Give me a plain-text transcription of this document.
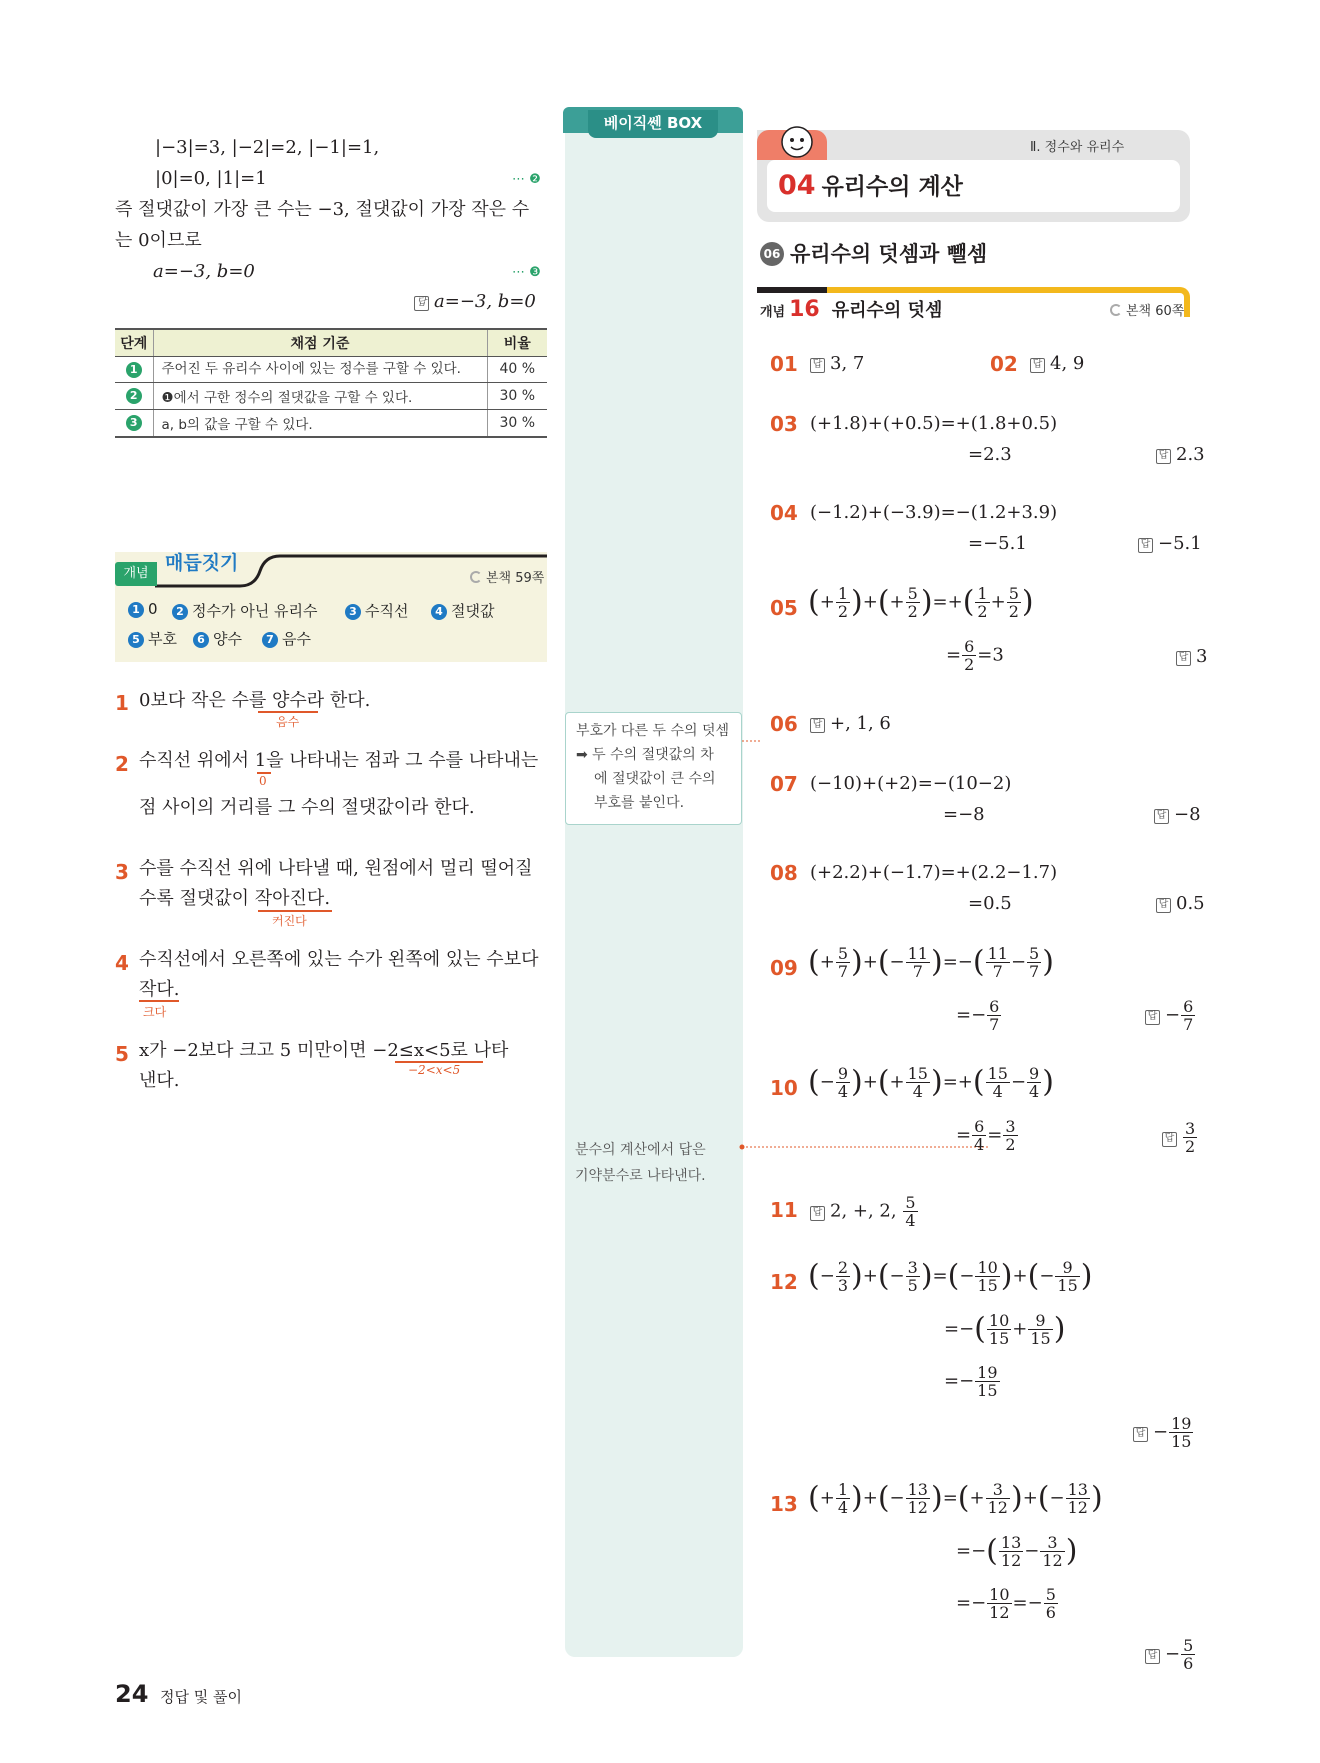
|−3|=3, |−2|=2, |−1|=1,
|0|=0, |1|=1	⋯ ❷
즉 절댓값이 가장 큰 수는 −3, 절댓값이 가장 작은 수
는 0이므로
a=−3, b=0	⋯ ❸
답 a=−3, b=0
단계	채점 기준	비율
1	주어진 두 유리수 사이에 있는 정수를 구할 수 있다.	40 %
2	❶에서 구한 정수의 절댓값을 구할 수 있다.	30 %
3	a, b의 값을 구할 수 있다.	30 %
개념 매듭짓기
본책 59쪽
1 0	2 정수가 아닌 유리수	3 수직선	4 절댓값
5 부호	6 양수	7 음수
1 0보다 작은 수를 양수라 한다.
음수
2 수직선 위에서 1을 나타내는 점과 그 수를 나타내는
0
점 사이의 거리를 그 수의 절댓값이라 한다.
3 수를 수직선 위에 나타낼 때, 원점에서 멀리 떨어질
수록 절댓값이 작아진다.
커진다
4 수직선에서 오른쪽에 있는 수가 왼쪽에 있는 수보다
작다.
크다
5 x가 −2보다 크고 5 미만이면 −2≤x<5로 나타
−2<x<5
낸다.
베이직쎈 BOX
부호가 다른 두 수의 덧셈
➡ 두 수의 절댓값의 차
에 절댓값이 큰 수의
부호를 붙인다.
분수의 계산에서 답은
기약분수로 나타낸다.
Ⅱ. 정수와 유리수
04 유리수의 계산
06 유리수의 덧셈과 뺄셈
개념 16 유리수의 덧셈	본책 60쪽
01 답 3, 7	02 답 4, 9
03 (+1.8)+(+0.5)=+(1.8+0.5)
=2.3	답 2.3
04 (−1.2)+(−3.9)=−(1.2+3.9)
=−5.1	답 −5.1
05 (+ $\frac{1}{2}$ )+(+ $\frac{5}{2}$ )=+( $\frac{1}{2} + \frac{5}{2}$ )
= $\frac{6}{2} =3$	답 3
06 답 +, 1, 6
07 (−10)+(+2)=−(10−2)
=−8	답 −8
08 (+2.2)+(−1.7)=+(2.2−1.7)
=0.5	답 0.5
09 (+ $\frac{5}{7}$ )+(− $\frac{11}{7}$ )=−( $\frac{11}{7} - \frac{5}{7}$ )
=− $\frac{6}{7}$	답 − $\frac{6}{7}$
10 (− $\frac{9}{4}$ )+(+ $\frac{15}{4}$ )=+( $\frac{15}{4} - \frac{9}{4}$ )
= $\frac{6}{4} = \frac{3}{2}$	답 $\frac{3}{2}$
11 답 2, +, 2, $\frac{5}{4}$
12 (− $\frac{2}{3}$ )+(− $\frac{3}{5}$ )=(− $\frac{10}{15}$ )+(− $\frac{9}{15}$ )
=−( $\frac{10}{15} + \frac{9}{15}$ )
=− $\frac{19}{15}$
답 − $\frac{19}{15}$
13 (+ $\frac{1}{4}$ )+(− $\frac{13}{12}$ )=(+ $\frac{3}{12}$ )+(− $\frac{13}{12}$ )
=−( $\frac{13}{12} - \frac{3}{12}$ )
=− $\frac{10}{12} =- \frac{5}{6}$
답 − $\frac{5}{6}$
24 정답 및 풀이
